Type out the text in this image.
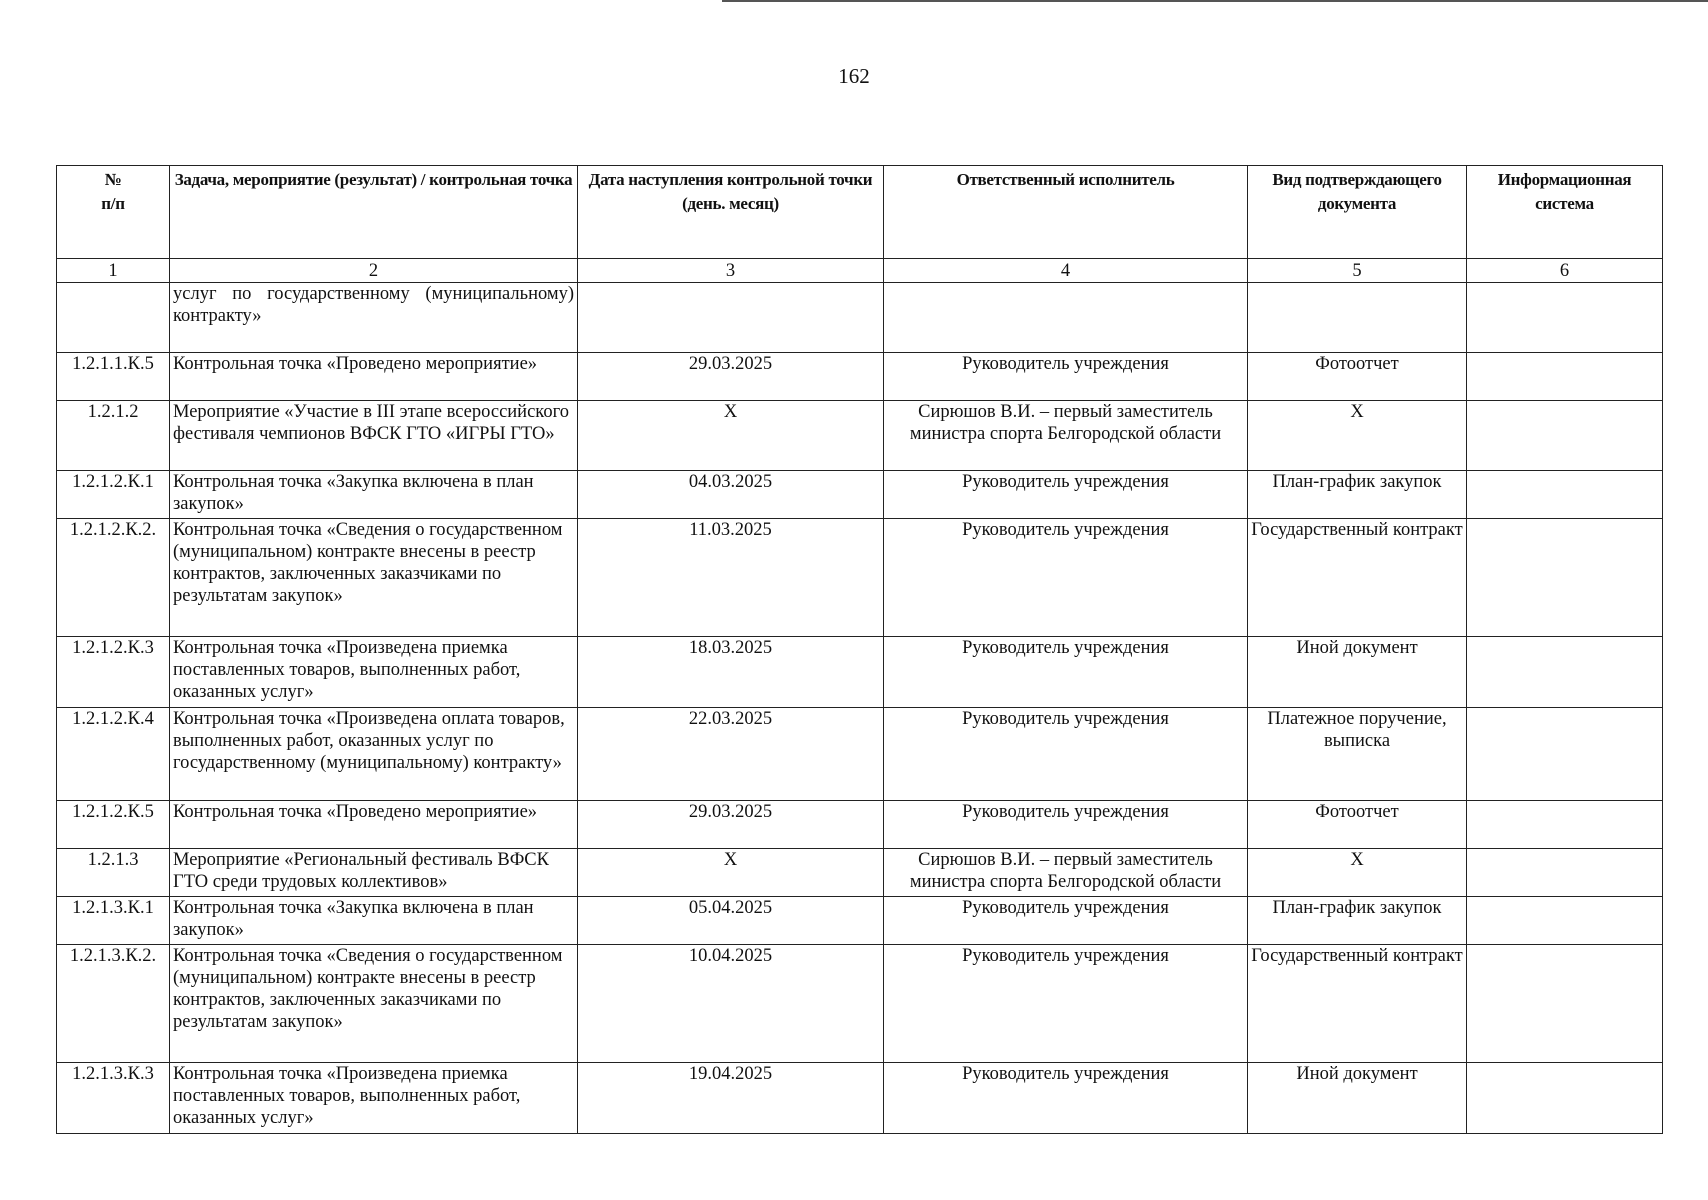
162
№
п/п	Задача, мероприятие (результат) / контрольная точка	Дата наступления контрольной точки (день. месяц)	Ответственный исполнитель	Вид подтверждающего документа	Информационная система
1	2	3	4	5	6
	услуг по государственному (муниципальному) контракту»				
1.2.1.1.К.5	Контрольная точка «Проведено мероприятие»	29.03.2025	Руководитель учреждения	Фотоотчет	
1.2.1.2	Мероприятие «Участие в III этапе всероссийского фестиваля чемпионов ВФСК ГТО «ИГРЫ ГТО»	X	Сирюшов В.И. – первый заместитель министра спорта Белгородской области	X	
1.2.1.2.К.1	Контрольная точка «Закупка включена в план закупок»	04.03.2025	Руководитель учреждения	План-график закупок	
1.2.1.2.К.2.	Контрольная точка «Сведения о государственном (муниципальном) контракте внесены в реестр контрактов, заключенных заказчиками по результатам закупок»	11.03.2025	Руководитель учреждения	Государственный контракт	
1.2.1.2.К.3	Контрольная точка «Произведена приемка поставленных товаров, выполненных работ, оказанных услуг»	18.03.2025	Руководитель учреждения	Иной документ	
1.2.1.2.К.4	Контрольная точка «Произведена оплата товаров, выполненных работ, оказанных услуг по государственному (муниципальному) контракту»	22.03.2025	Руководитель учреждения	Платежное поручение, выписка	
1.2.1.2.К.5	Контрольная точка «Проведено мероприятие»	29.03.2025	Руководитель учреждения	Фотоотчет	
1.2.1.3	Мероприятие «Региональный фестиваль ВФСК ГТО среди трудовых коллективов»	X	Сирюшов В.И. – первый заместитель министра спорта Белгородской области	X	
1.2.1.3.К.1	Контрольная точка «Закупка включена в план закупок»	05.04.2025	Руководитель учреждения	План-график закупок	
1.2.1.3.К.2.	Контрольная точка «Сведения о государственном (муниципальном) контракте внесены в реестр контрактов, заключенных заказчиками по результатам закупок»	10.04.2025	Руководитель учреждения	Государственный контракт	
1.2.1.3.К.3	Контрольная точка «Произведена приемка поставленных товаров, выполненных работ, оказанных услуг»	19.04.2025	Руководитель учреждения	Иной документ	
